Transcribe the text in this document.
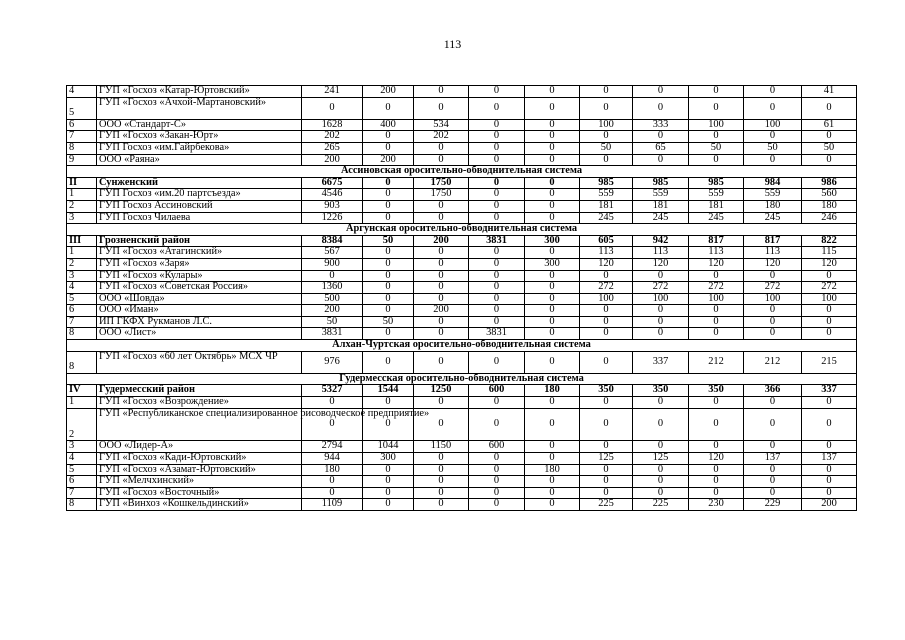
113
4	ГУП «Госхоз «Катар-Юртовский»	241	200	0	0	0	0	0	0	0	41
5	ГУП «Госхоз «Ачхой-Мартановский»	0	0	0	0	0	0	0	0	0	0
6	ООО «Стандарт-С»	1628	400	534	0	0	100	333	100	100	61
7	ГУП «Госхоз «Закан-Юрт»	202	0	202	0	0	0	0	0	0	0
8	ГУП Госхоз «им.Гайрбекова»	265	0	0	0	0	50	65	50	50	50
9	ООО «Раяна»	200	200	0	0	0	0	0	0	0	0
Ассиновская оросительно-обводнительная система											
II	Сунженский	6675	0	1750	0	0	985	985	985	984	986
1	ГУП Госхоз «им.20 партсъезда»	4546	0	1750	0	0	559	559	559	559	560
2	ГУП Госхоз Ассиновский	903	0	0	0	0	181	181	181	180	180
3	ГУП Госхоз Чилаева	1226	0	0	0	0	245	245	245	245	246
Аргунская оросительно-обводнительная система											
III	Грозненский район	8384	50	200	3831	300	605	942	817	817	822
1	ГУП «Госхоз «Атагинский»	567	0	0	0	0	113	113	113	113	115
2	ГУП «Госхоз «Заря»	900	0	0	0	300	120	120	120	120	120
3	ГУП «Госхоз «Кулары»	0	0	0	0	0	0	0	0	0	0
4	ГУП «Госхоз «Советская Россия»	1360	0	0	0	0	272	272	272	272	272
5	ООО «Шовда»	500	0	0	0	0	100	100	100	100	100
6	ООО «Иман»	200	0	200	0	0	0	0	0	0	0
7	ИП ГКФХ Рукманов Л.С.	50	50	0	0	0	0	0	0	0	0
8	ООО «Лист»	3831	0	0	3831	0	0	0	0	0	0
Алхан-Чуртская оросительно-обводнительная система											
8	ГУП «Госхоз «60 лет Октябрь» МСХ ЧР	976	0	0	0	0	0	337	212	212	215
Гудермесская оросительно-обводнительная система											
IV	Гудермесский район	5327	1544	1250	600	180	350	350	350	366	337
1	ГУП «Госхоз «Возрождение»	0	0	0	0	0	0	0	0	0	0
2	ГУП «Республиканское специализированное рисоводческое предприятие»	0	0	0	0	0	0	0	0	0	0
3	ООО «Лидер-А»	2794	1044	1150	600	0	0	0	0	0	0
4	ГУП «Госхоз «Кади-Юртовский»	944	300	0	0	0	125	125	120	137	137
5	ГУП «Госхоз «Азамат-Юртовский»	180	0	0	0	180	0	0	0	0	0
6	ГУП «Мелчхинский»	0	0	0	0	0	0	0	0	0	0
7	ГУП «Госхоз «Восточный»	0	0	0	0	0	0	0	0	0	0
8	ГУП «Винхоз «Кошкельдинский»	1109	0	0	0	0	225	225	230	229	200
